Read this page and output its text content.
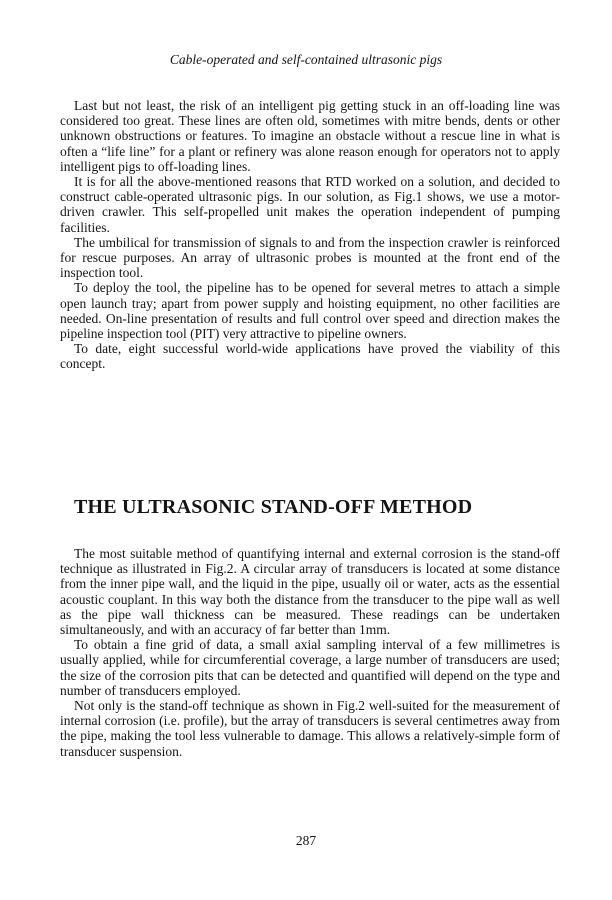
Cable-operated and self-contained ultrasonic pigs

Last but not least, the risk of an intelligent pig getting stuck in an off-loading line was considered too great. These lines are often old, sometimes with mitre bends, dents or other unknown obstructions or features. To imagine an obstacle without a rescue line in what is often a “life line” for a plant or refinery was alone reason enough for operators not to apply intelligent pigs to off-loading lines.

It is for all the above-mentioned reasons that RTD worked on a solution, and decided to construct cable-operated ultrasonic pigs. In our solution, as Fig.1 shows, we use a motor-driven crawler. This self-propelled unit makes the operation independent of pumping facilities.

The umbilical for transmission of signals to and from the inspection crawler is reinforced for rescue purposes. An array of ultrasonic probes is mounted at the front end of the inspection tool.

To deploy the tool, the pipeline has to be opened for several metres to attach a simple open launch tray; apart from power supply and hoisting equipment, no other facilities are needed. On-line presentation of results and full control over speed and direction makes the pipeline inspection tool (PIT) very attractive to pipeline owners.

To date, eight successful world-wide applications have proved the viability of this concept.

THE ULTRASONIC STAND-OFF METHOD

The most suitable method of quantifying internal and external corrosion is the stand-off technique as illustrated in Fig.2. A circular array of transducers is located at some distance from the inner pipe wall, and the liquid in the pipe, usually oil or water, acts as the essential acoustic couplant. In this way both the distance from the transducer to the pipe wall as well as the pipe wall thickness can be measured. These readings can be undertaken simultaneously, and with an accuracy of far better than 1mm.

To obtain a fine grid of data, a small axial sampling interval of a few millimetres is usually applied, while for circumferential coverage, a large number of transducers are used; the size of the corrosion pits that can be detected and quantified will depend on the type and number of transducers employed.

Not only is the stand-off technique as shown in Fig.2 well-suited for the measurement of internal corrosion (i.e. profile), but the array of transducers is several centimetres away from the pipe, making the tool less vulnerable to damage. This allows a relatively-simple form of transducer suspension.

287
